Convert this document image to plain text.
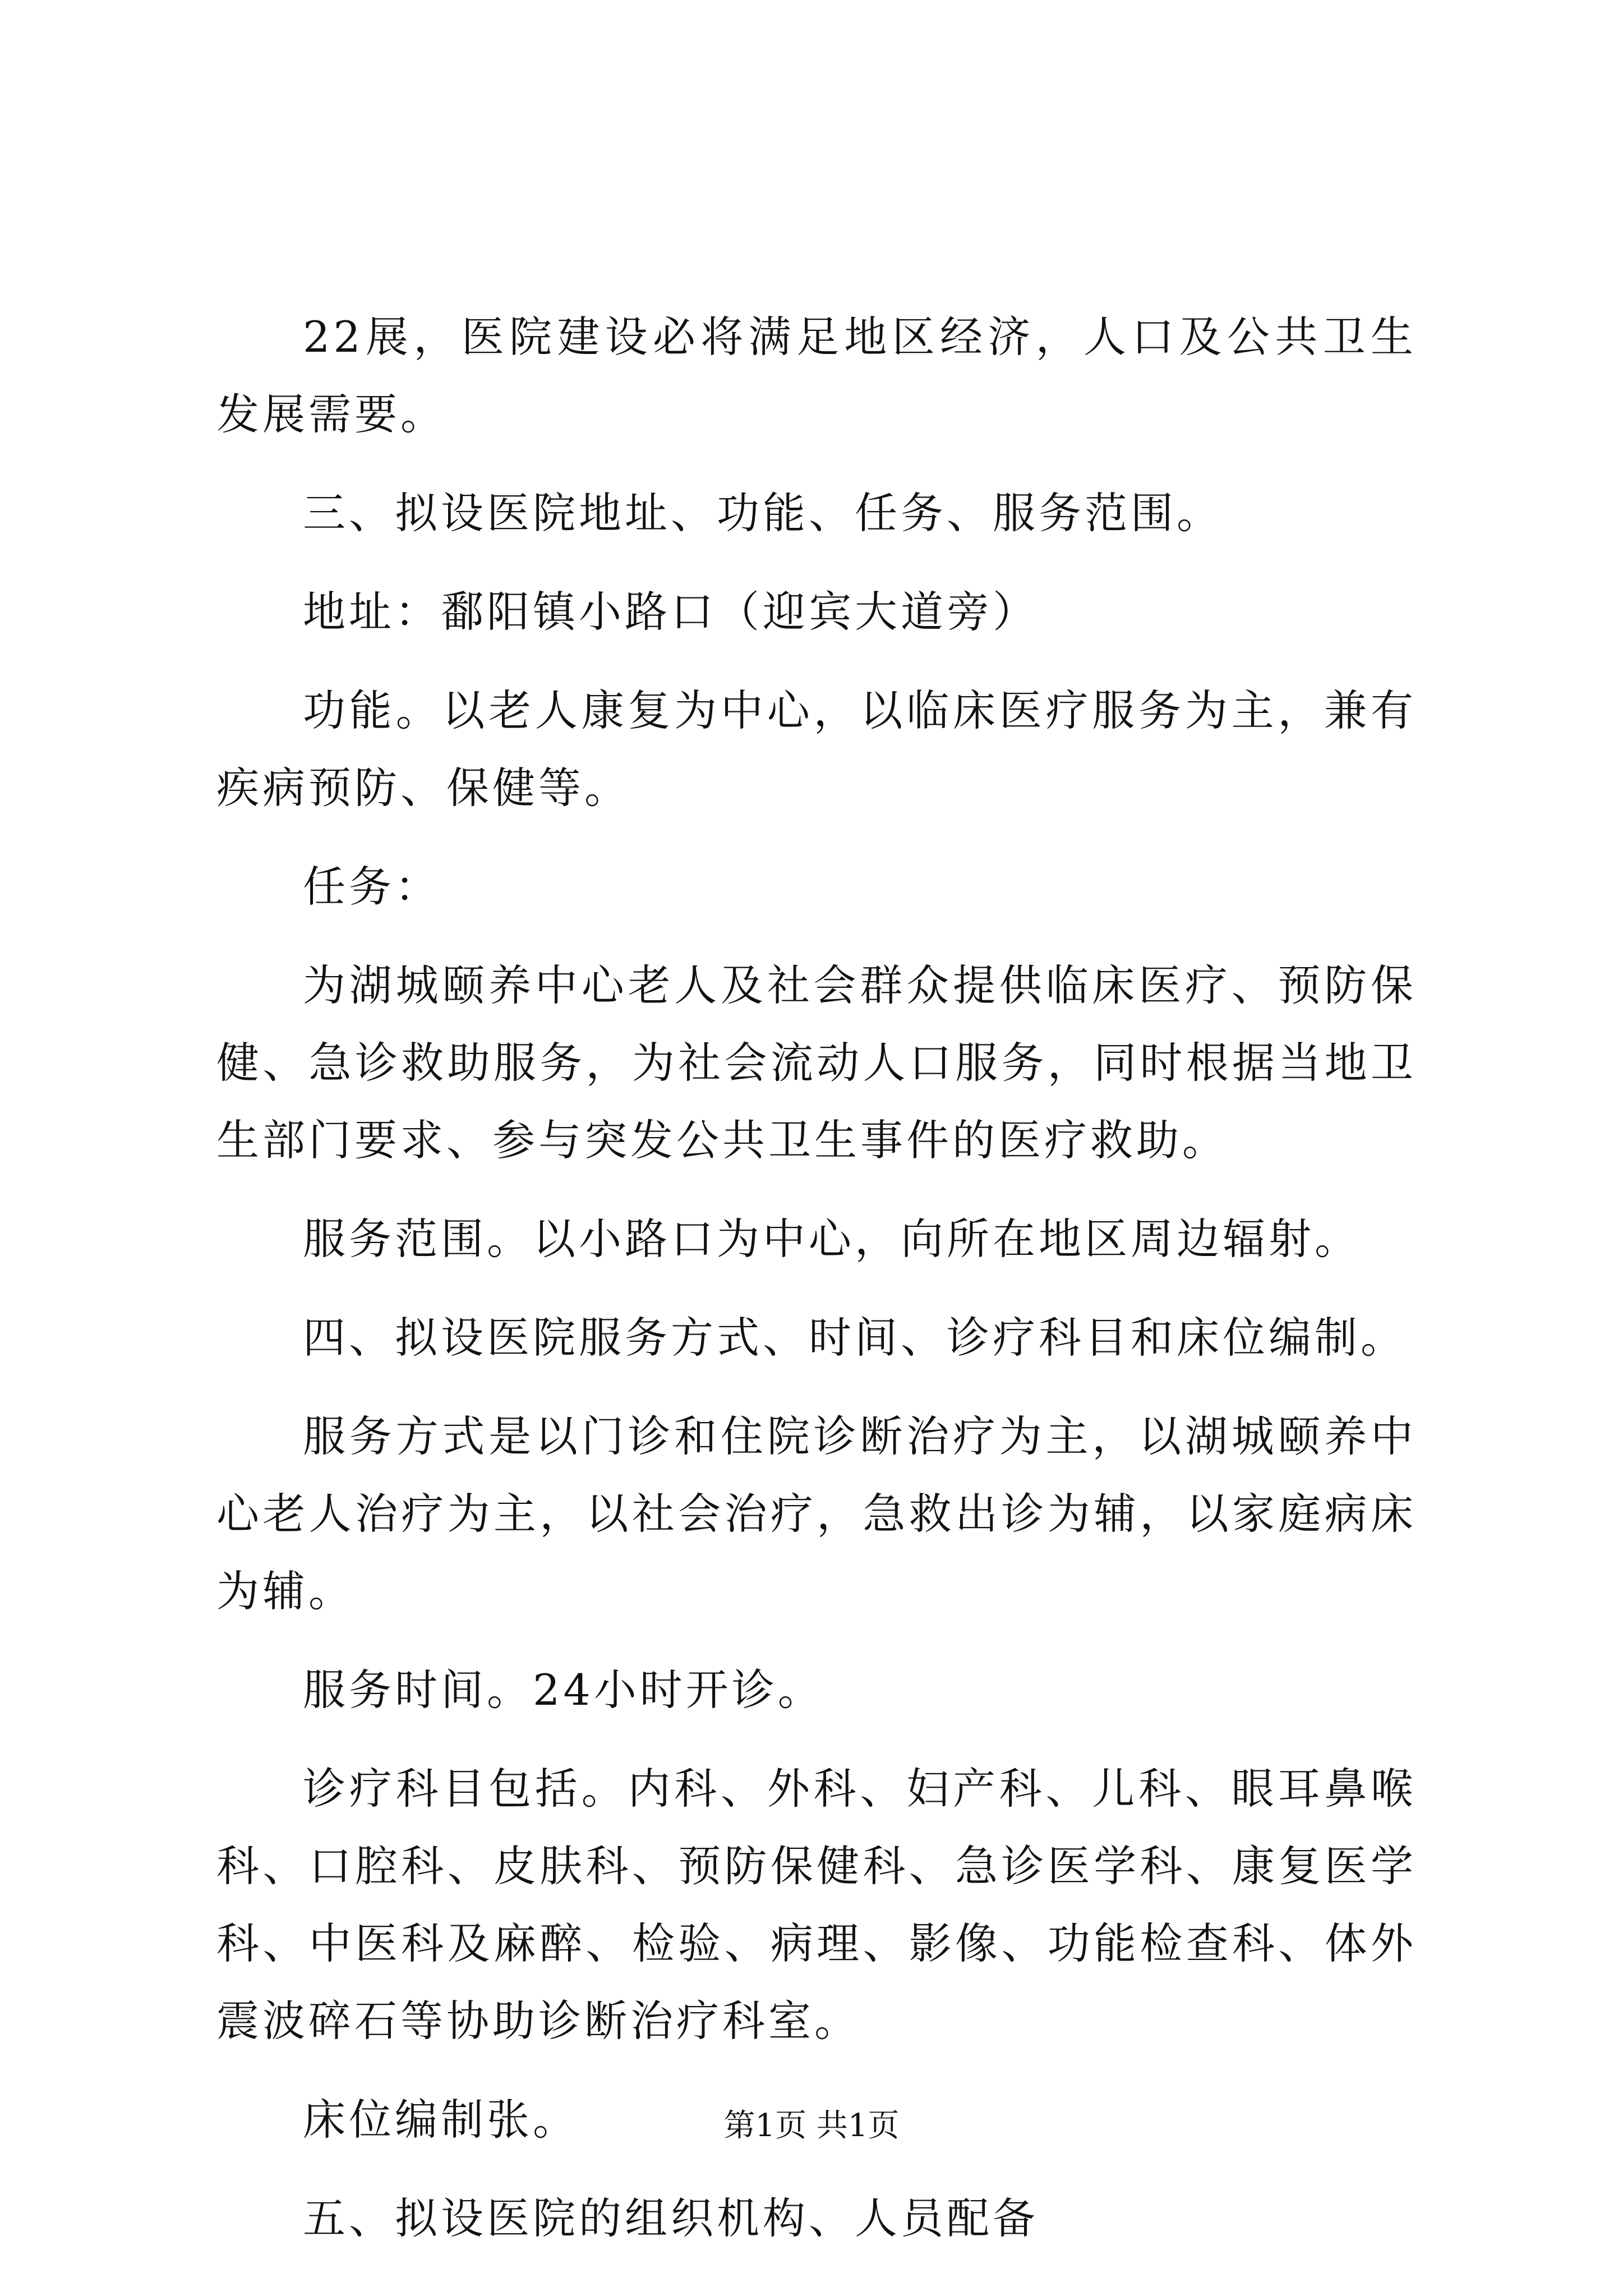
22展，医院建设必将满足地区经济，人口及公共卫生发展需要。

三、拟设医院地址、功能、任务、服务范围。

地址：鄱阳镇小路口（迎宾大道旁）

功能。以老人康复为中心，以临床医疗服务为主，兼有疾病预防、保健等。

任务：

为湖城颐养中心老人及社会群众提供临床医疗、预防保健、急诊救助服务，为社会流动人口服务，同时根据当地卫生部门要求、参与突发公共卫生事件的医疗救助。

服务范围。以小路口为中心，向所在地区周边辐射。

四、拟设医院服务方式、时间、诊疗科目和床位编制。

服务方式是以门诊和住院诊断治疗为主，以湖城颐养中心老人治疗为主，以社会治疗，急救出诊为辅，以家庭病床为辅。

服务时间。24小时开诊。

诊疗科目包括。内科、外科、妇产科、儿科、眼耳鼻喉科、口腔科、皮肤科、预防保健科、急诊医学科、康复医学科、中医科及麻醉、检验、病理、影像、功能检查科、体外震波碎石等协助诊断治疗科室。

床位编制张。

五、拟设医院的组织机构、人员配备

第1页 共1页
